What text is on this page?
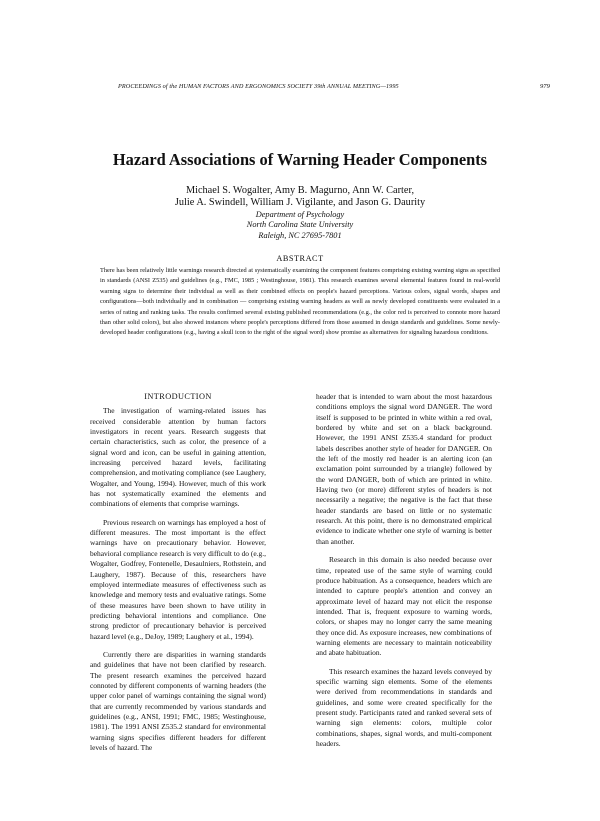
PROCEEDINGS of the HUMAN FACTORS AND ERGONOMICS SOCIETY 39th ANNUAL MEETING—1995	979
Hazard Associations of Warning Header Components
Michael S. Wogalter, Amy B. Magurno, Ann W. Carter,
Julie A. Swindell, William J. Vigilante, and Jason G. Daurity
Department of Psychology
North Carolina State University
Raleigh, NC 27695-7801
ABSTRACT

There has been relatively little warnings research directed at systematically examining the component features comprising existing warning signs as specified in standards (ANSI Z535) and guidelines (e.g., FMC, 1985 ; Westinghouse, 1981). This research examines several elemental features found in real-world warning signs to determine their individual as well as their combined effects on people's hazard perceptions. Various colors, signal words, shapes and configurations—both individually and in combination — comprising existing warning headers as well as newly developed constituents were evaluated in a series of rating and ranking tasks. The results confirmed several existing published recommendations (e.g., the color red is perceived to connote more hazard than other solid colors), but also showed instances where people's perceptions differed from those assumed in design standards and guidelines. Some newly-developed header configurations (e.g., having a skull icon to the right of the signal word) show promise as alternatives for signaling hazardous conditions.

INTRODUCTION

The investigation of warning-related issues has received considerable attention by human factors investigators in recent years. Research suggests that certain characteristics, such as color, the presence of a signal word and icon, can be useful in gaining attention, increasing perceived hazard levels, facilitating comprehension, and motivating compliance (see Laughery, Wogalter, and Young, 1994). However, much of this work has not systematically examined the elements and combinations of elements that comprise warnings.

Previous research on warnings has employed a host of different measures. The most important is the effect warnings have on precautionary behavior. However, behavioral compliance research is very difficult to do (e.g., Wogalter, Godfrey, Fontenelle, Desaulniers, Rothstein, and Laughery, 1987). Because of this, researchers have employed intermediate measures of effectiveness such as knowledge and memory tests and evaluative ratings. Some of these measures have been shown to have utility in predicting behavioral intentions and compliance. One strong predictor of precautionary behavior is perceived hazard level (e.g., DeJoy, 1989; Laughery et al., 1994).

Currently there are disparities in warning standards and guidelines that have not been clarified by research. The present research examines the perceived hazard connoted by different components of warning headers (the upper color panel of warnings containing the signal word) that are currently recommended by various standards and guidelines (e.g., ANSI, 1991; FMC, 1985; Westinghouse, 1981). The 1991 ANSI Z535.2 standard for environmental warning signs specifies different headers for different levels of hazard. The

header that is intended to warn about the most hazardous conditions employs the signal word DANGER. The word itself is supposed to be printed in white within a red oval, bordered by white and set on a black background. However, the 1991 ANSI Z535.4 standard for product labels describes another style of header for DANGER. On the left of the mostly red header is an alerting icon (an exclamation point surrounded by a triangle) followed by the word DANGER, both of which are printed in white. Having two (or more) different styles of headers is not necessarily a negative; the negative is the fact that these header standards are based on little or no systematic research. At this point, there is no demonstrated empirical evidence to indicate whether one style of warning is better than another.

Research in this domain is also needed because over time, repeated use of the same style of warning could produce habituation. As a consequence, headers which are intended to capture people's attention and convey an approximate level of hazard may not elicit the response intended. That is, frequent exposure to warning words, colors, or shapes may no longer carry the same meaning they once did. As exposure increases, new combinations of warning elements are necessary to maintain noticeability and abate habituation.

This research examines the hazard levels conveyed by specific warning sign elements. Some of the elements were derived from recommendations in standards and guidelines, and some were created specifically for the present study. Participants rated and ranked several sets of warning sign elements: colors, multiple color combinations, shapes, signal words, and multi-component headers.
